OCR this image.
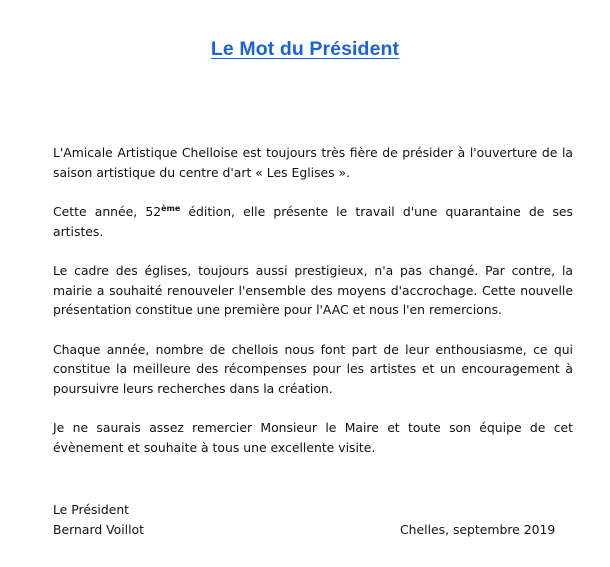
Le Mot du Président

L'Amicale Artistique Chelloise est toujours très fière de présider à l'ouverture de la saison artistique du centre d'art « Les Eglises ».

Cette année, 52ème édition, elle présente le travail d'une quarantaine de ses artistes.

Le cadre des églises, toujours aussi prestigieux, n'a pas changé. Par contre, la mairie a souhaité renouveler l'ensemble des moyens d'accrochage. Cette nouvelle présentation constitue une première pour l'AAC et nous l'en remercions.

Chaque année, nombre de chellois nous font part de leur enthousiasme, ce qui constitue la meilleure des récompenses pour les artistes et un encouragement à poursuivre leurs recherches dans la création.

Je ne saurais assez remercier Monsieur le Maire et toute son équipe de cet évènement et souhaite à tous une excellente visite.

Le Président
Bernard Voillot	Chelles, septembre 2019
